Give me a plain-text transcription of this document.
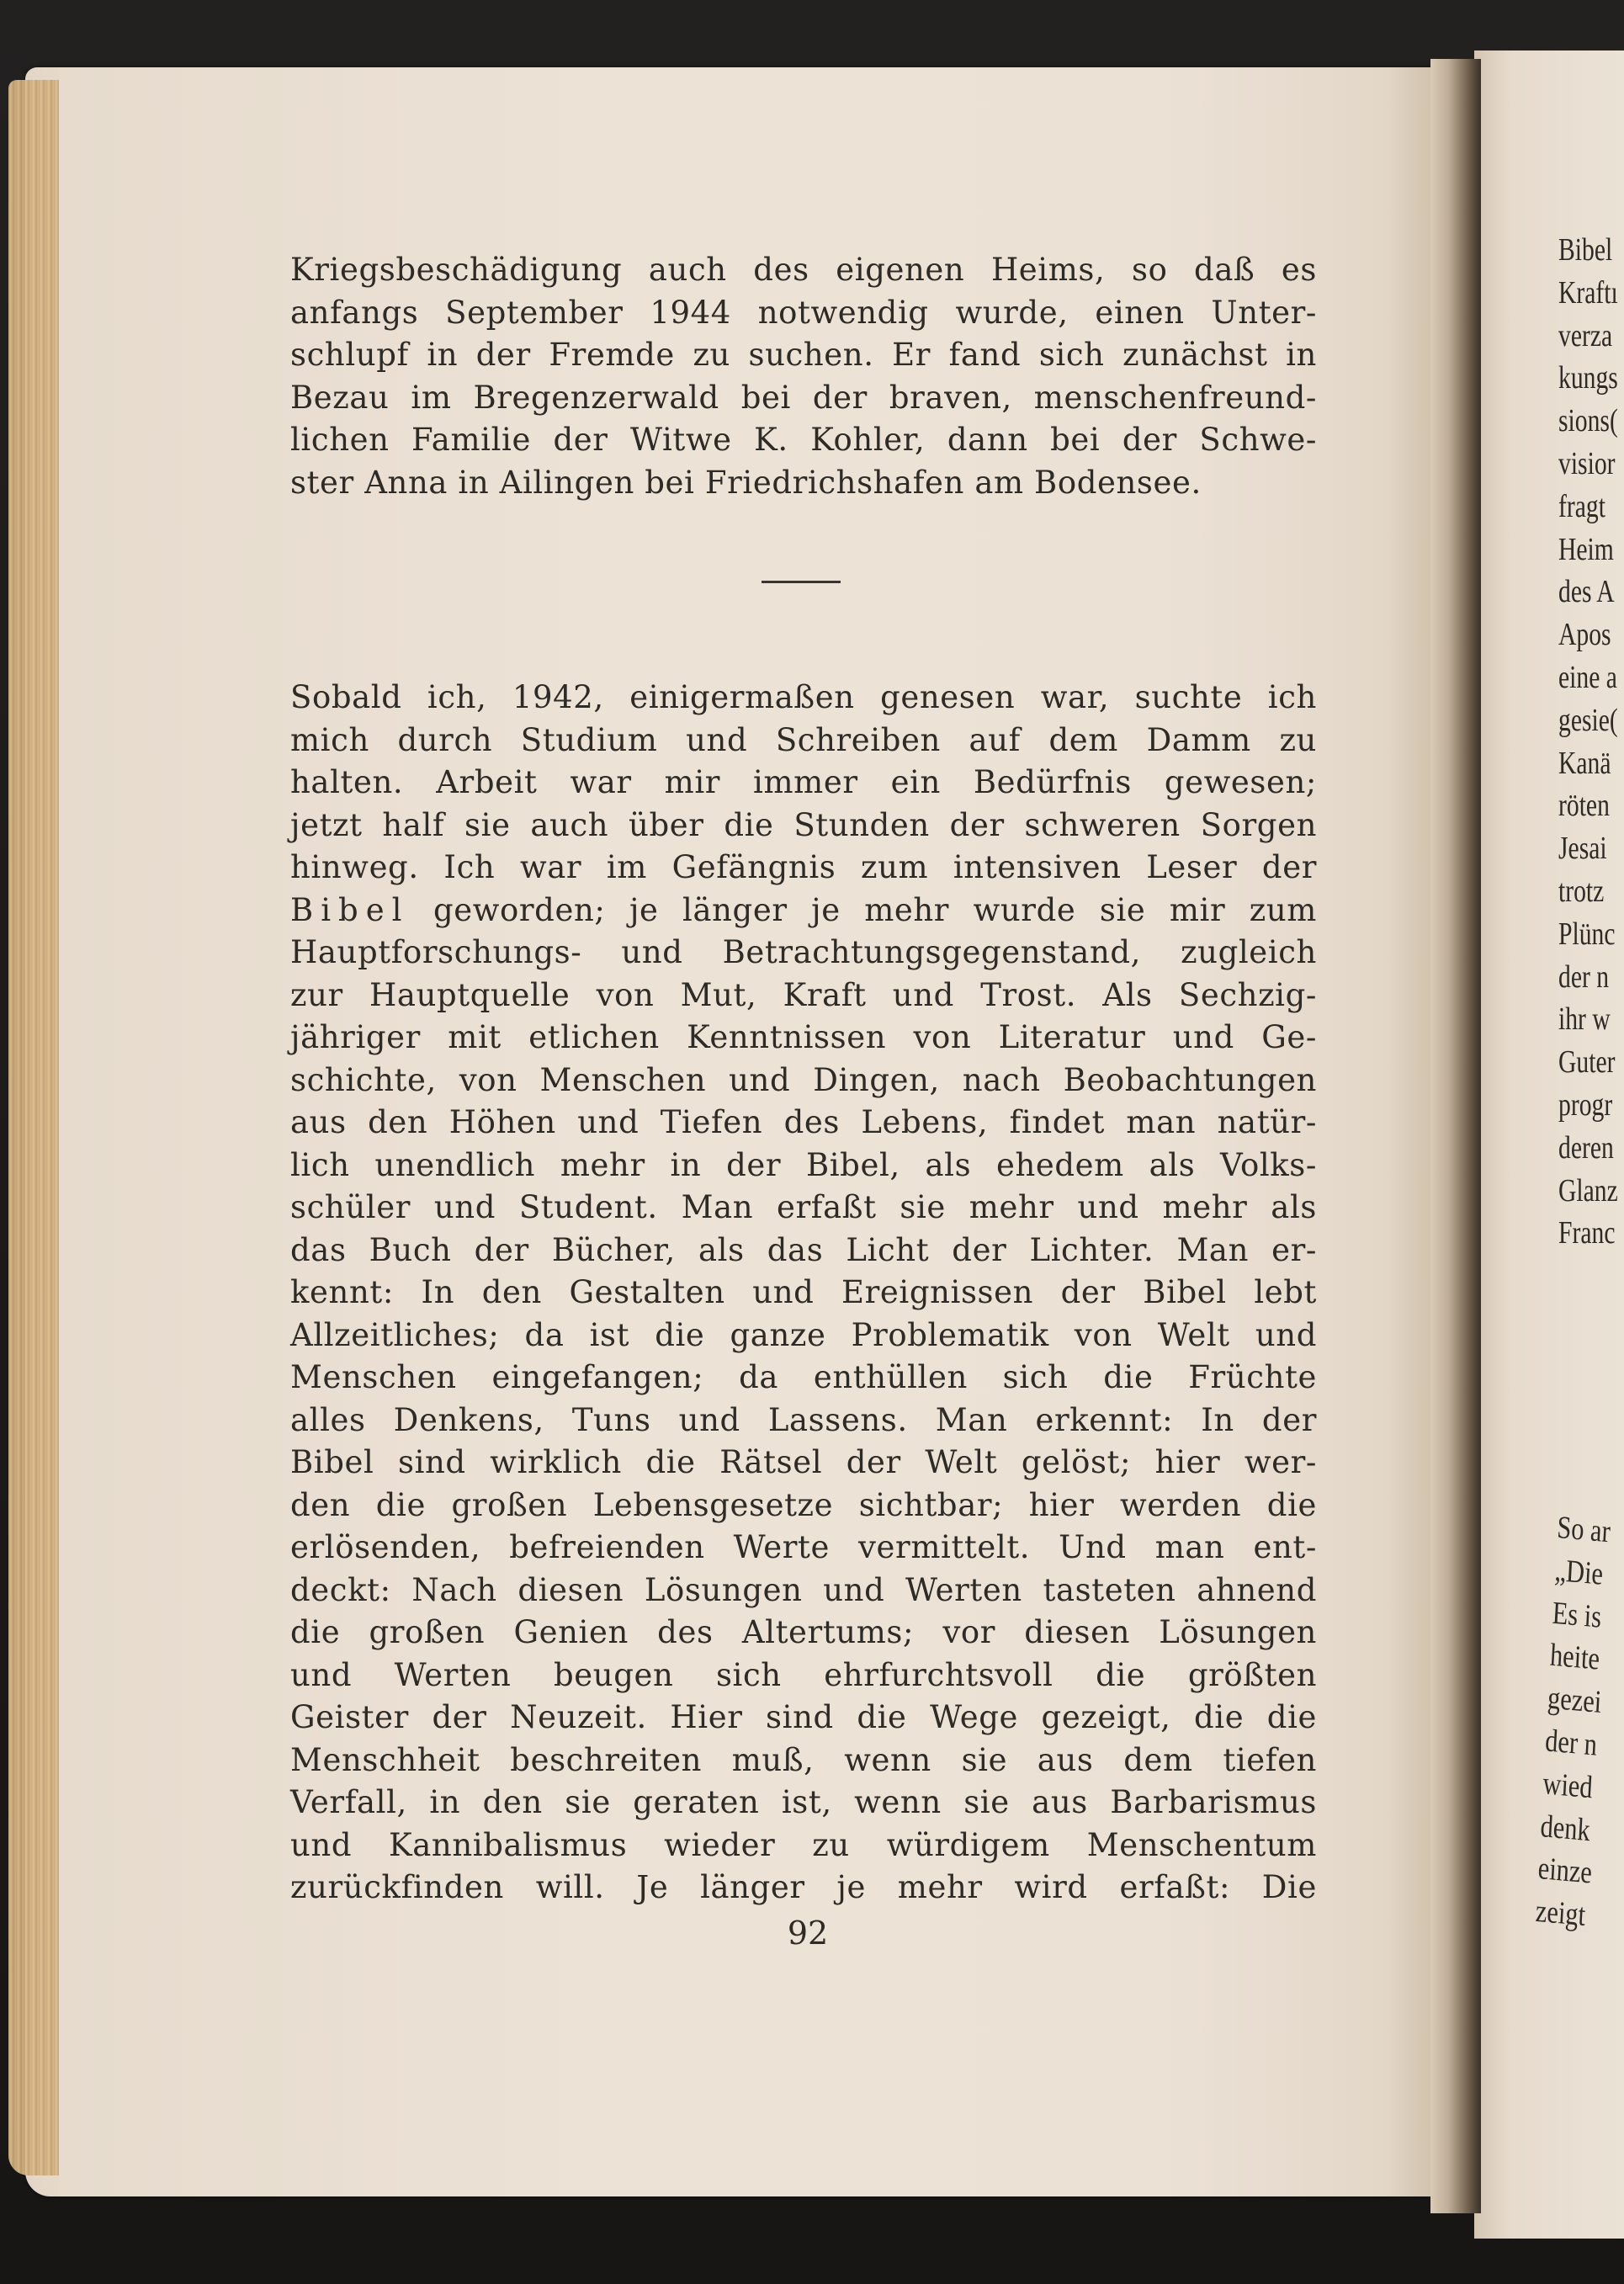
Kriegsbeschädigung auch des eigenen Heims, so daß es
anfangs September 1944 notwendig wurde, einen Unter-
schlupf in der Fremde zu suchen. Er fand sich zunächst in
Bezau im Bregenzerwald bei der braven, menschenfreund-
lichen Familie der Witwe K. Kohler, dann bei der Schwe-
ster Anna in Ailingen bei Friedrichshafen am Bodensee.
Sobald ich, 1942, einigermaßen genesen war, suchte ich
mich durch Studium und Schreiben auf dem Damm zu
halten. Arbeit war mir immer ein Bedürfnis gewesen;
jetzt half sie auch über die Stunden der schweren Sorgen
hinweg. Ich war im Gefängnis zum intensiven Leser der
Bibel geworden; je länger je mehr wurde sie mir zum
Hauptforschungs- und Betrachtungsgegenstand, zugleich
zur Hauptquelle von Mut, Kraft und Trost. Als Sechzig-
jähriger mit etlichen Kenntnissen von Literatur und Ge-
schichte, von Menschen und Dingen, nach Beobachtungen
aus den Höhen und Tiefen des Lebens, findet man natür-
lich unendlich mehr in der Bibel, als ehedem als Volks-
schüler und Student. Man erfaßt sie mehr und mehr als
das Buch der Bücher, als das Licht der Lichter. Man er-
kennt: In den Gestalten und Ereignissen der Bibel lebt
Allzeitliches; da ist die ganze Problematik von Welt und
Menschen eingefangen; da enthüllen sich die Früchte
alles Denkens, Tuns und Lassens. Man erkennt: In der
Bibel sind wirklich die Rätsel der Welt gelöst; hier wer-
den die großen Lebensgesetze sichtbar; hier werden die
erlösenden, befreienden Werte vermittelt. Und man ent-
deckt: Nach diesen Lösungen und Werten tasteten ahnend
die großen Genien des Altertums; vor diesen Lösungen
und Werten beugen sich ehrfurchtsvoll die größten
Geister der Neuzeit. Hier sind die Wege gezeigt, die die
Menschheit beschreiten muß, wenn sie aus dem tiefen
Verfall, in den sie geraten ist, wenn sie aus Barbarismus
und Kannibalismus wieder zu würdigem Menschentum
zurückfinden will. Je länger je mehr wird erfaßt: Die
92
Bibel
Kraftı
verza
kungs
sions(
visior
fragt
Heim
des A
Apos
eine a
gesie(
Kanä
röten
Jesai
trotz
Plünc
der n
ihr w
Guter
progr
deren
Glanz
Franc
So ar
„Die
Es is
heite
gezei
der n
wied
denk
einze
zeigt
